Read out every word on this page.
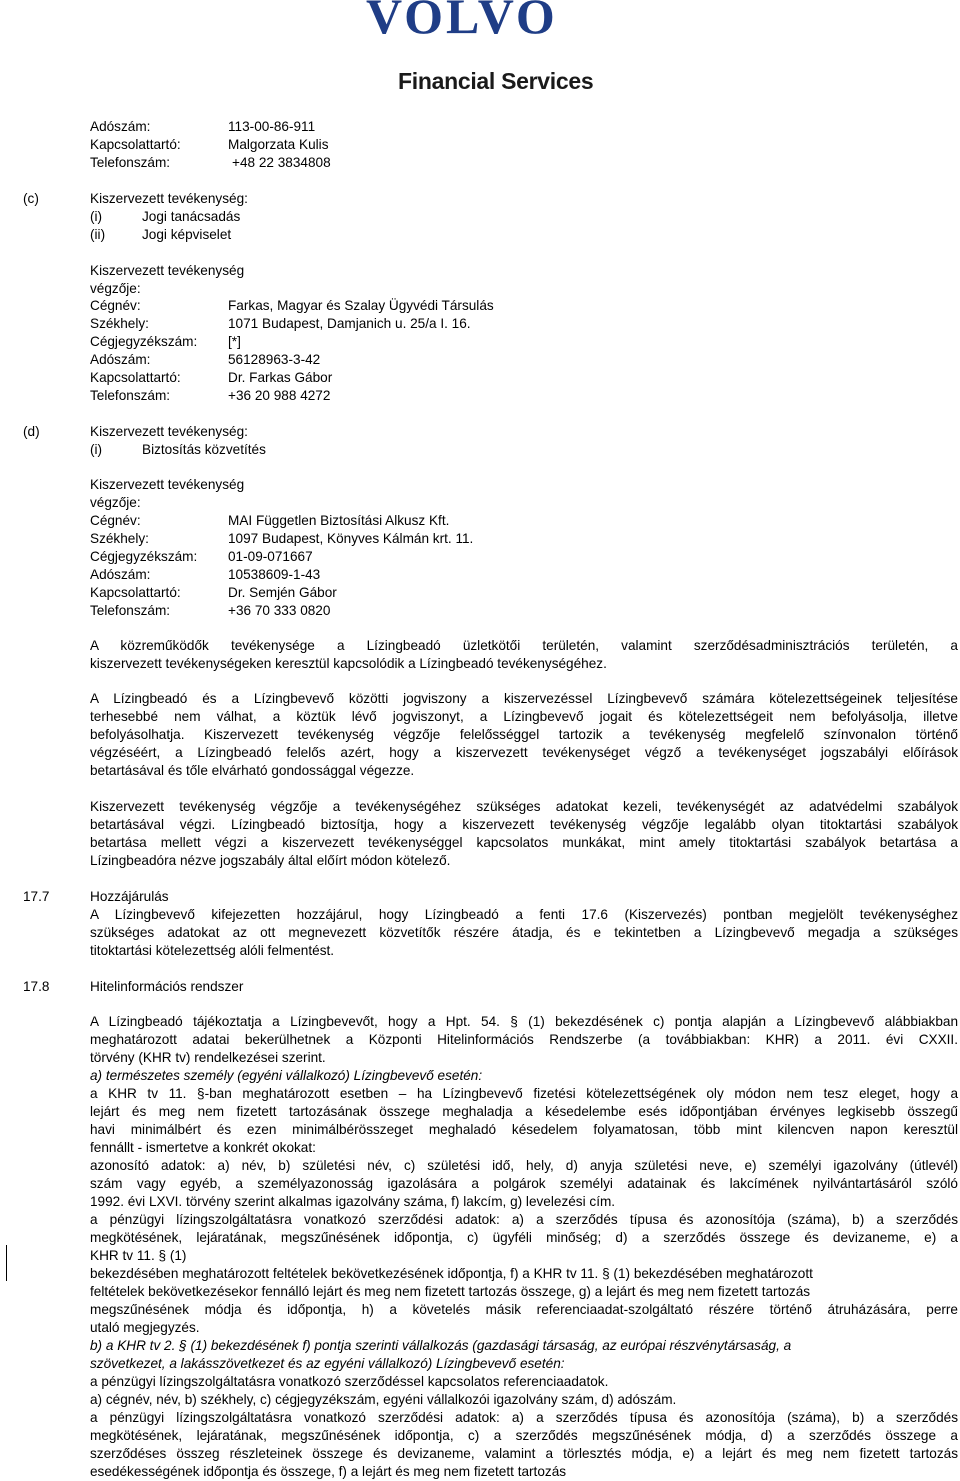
VOLVO
Financial Services
Adószám:	113-00-86-911
Kapcsolattartó:	Malgorzata Kulis
Telefonszám:	+48 22 3834808
(c)	Kiszervezett tevékenység:
(i)	Jogi tanácsadás
(ii)	Jogi képviselet
Kiszervezett tevékenység
végzője:
Cégnév:	Farkas, Magyar és Szalay Ügyvédi Társulás
Székhely:	1071 Budapest, Damjanich u. 25/a I. 16.
Cégjegyzékszám: [*]
Adószám:	56128963-3-42
Kapcsolattartó:	Dr. Farkas Gábor
Telefonszám:	+36 20 988 4272
(d)	Kiszervezett tevékenység:
(i)	Biztosítás közvetítés
Kiszervezett tevékenység
végzője:
Cégnév:	MAI Független Biztosítási Alkusz Kft.
Székhely:	1097 Budapest, Könyves Kálmán krt. 11.
Cégjegyzékszám: 01-09-071667
Adószám:	10538609-1-43
Kapcsolattartó:	Dr. Semjén Gábor
Telefonszám:	+36 70 333 0820
A közreműködők tevékenysége a Lízingbeadó üzletkötői területén, valamint szerződésadminisztrációs területén, a
kiszervezett tevékenységeken keresztül kapcsolódik a Lízingbeadó tevékenységéhez.
A Lízingbeadó és a Lízingbevevő közötti jogviszony a kiszervezéssel Lízingbevevő számára kötelezettségeinek teljesítése
terhesebbé nem válhat, a köztük lévő jogviszonyt, a Lízingbevevő jogait és kötelezettségeit nem befolyásolja, illetve
befolyásolhatja. Kiszervezett tevékenység végzője felelősséggel tartozik a tevékenység megfelelő színvonalon történő
végzéséért, a Lízingbeadó felelős azért, hogy a kiszervezett tevékenységet végző a tevékenységet jogszabályi előírások
betartásával és tőle elvárható gondossággal végezze.
Kiszervezett tevékenység végzője a tevékenységéhez szükséges adatokat kezeli, tevékenységét az adatvédelmi szabályok
betartásával végzi. Lízingbeadó biztosítja, hogy a kiszervezett tevékenység végzője legalább olyan titoktartási szabályok
betartása mellett végzi a kiszervezett tevékenységgel kapcsolatos munkákat, mint amely titoktartási szabályok betartása a
Lízingbeadóra nézve jogszabály által előírt módon kötelező.
17.7	Hozzájárulás
A Lízingbevevő kifejezetten hozzájárul, hogy Lízingbeadó a fenti 17.6 (Kiszervezés) pontban megjelölt tevékenységhez
szükséges adatokat az ott megnevezett közvetítők részére átadja, és e tekintetben a Lízingbevevő megadja a szükséges
titoktartási kötelezettség alóli felmentést.
17.8	Hitelinformációs rendszer
A Lízingbeadó tájékoztatja a Lízingbevevőt, hogy a Hpt. 54. § (1) bekezdésének c) pontja alapján a Lízingbevevő alábbiakban
meghatározott adatai bekerülhetnek a Központi Hitelinformációs Rendszerbe (a továbbiakban: KHR) a 2011. évi CXXII.
törvény (KHR tv) rendelkezései szerint.
a) természetes személy (egyéni vállalkozó) Lízingbevevő esetén:
a KHR tv 11. §-ban meghatározott esetben – ha Lízingbevevő fizetési kötelezettségének oly módon nem tesz eleget, hogy a
lejárt és meg nem fizetett tartozásának összege meghaladja a késedelembe esés időpontjában érvényes legkisebb összegű
havi minimálbért és ezen minimálbérösszeget meghaladó késedelem folyamatosan, több mint kilencven napon keresztül
fennállt - ismertetve a konkrét okokat:
azonosító adatok: a) név, b) születési név, c) születési idő, hely, d) anyja születési neve, e) személyi igazolvány (útlevél)
szám vagy egyéb, a személyazonosság igazolására a polgárok személyi adatainak és lakcímének nyilvántartásáról szóló
1992. évi LXVI. törvény szerint alkalmas igazolvány száma, f) lakcím, g) levelezési cím.
a pénzügyi lízingszolgáltatásra vonatkozó szerződési adatok: a) a szerződés típusa és azonosítója (száma), b) a szerződés
megkötésének, lejáratának, megszűnésének időpontja, c) ügyféli minőség; d) a szerződés összege és devizaneme, e) a
KHR tv 11. § (1)
bekezdésében meghatározott feltételek bekövetkezésének időpontja, f) a KHR tv 11. § (1) bekezdésében meghatározott
feltételek bekövetkezésekor fennálló lejárt és meg nem fizetett tartozás összege, g) a lejárt és meg nem fizetett tartozás
megszűnésének módja és időpontja, h) a követelés másik referenciaadat-szolgáltató részére történő átruházására, perre
utaló megjegyzés.
b) a KHR tv 2. § (1) bekezdésének f) pontja szerinti vállalkozás (gazdasági társaság, az európai részvénytársaság, a
szövetkezet, a lakásszövetkezet és az egyéni vállalkozó) Lízingbevevő esetén:
a pénzügyi lízingszolgáltatásra vonatkozó szerződéssel kapcsolatos referenciaadatok.
a) cégnév, név, b) székhely, c) cégjegyzékszám, egyéni vállalkozói igazolvány szám, d) adószám.
a pénzügyi lízingszolgáltatásra vonatkozó szerződési adatok: a) a szerződés típusa és azonosítója (száma), b) a szerződés
megkötésének, lejáratának, megszűnésének időpontja, c) a szerződés megszűnésének módja, d) a szerződés összege a
szerződéses összeg részleteinek összege és devizaneme, valamint a törlesztés módja, e) a lejárt és meg nem fizetett tartozás
esedékességének időpontja és összege, f) a lejárt és meg nem fizetett tartozás
